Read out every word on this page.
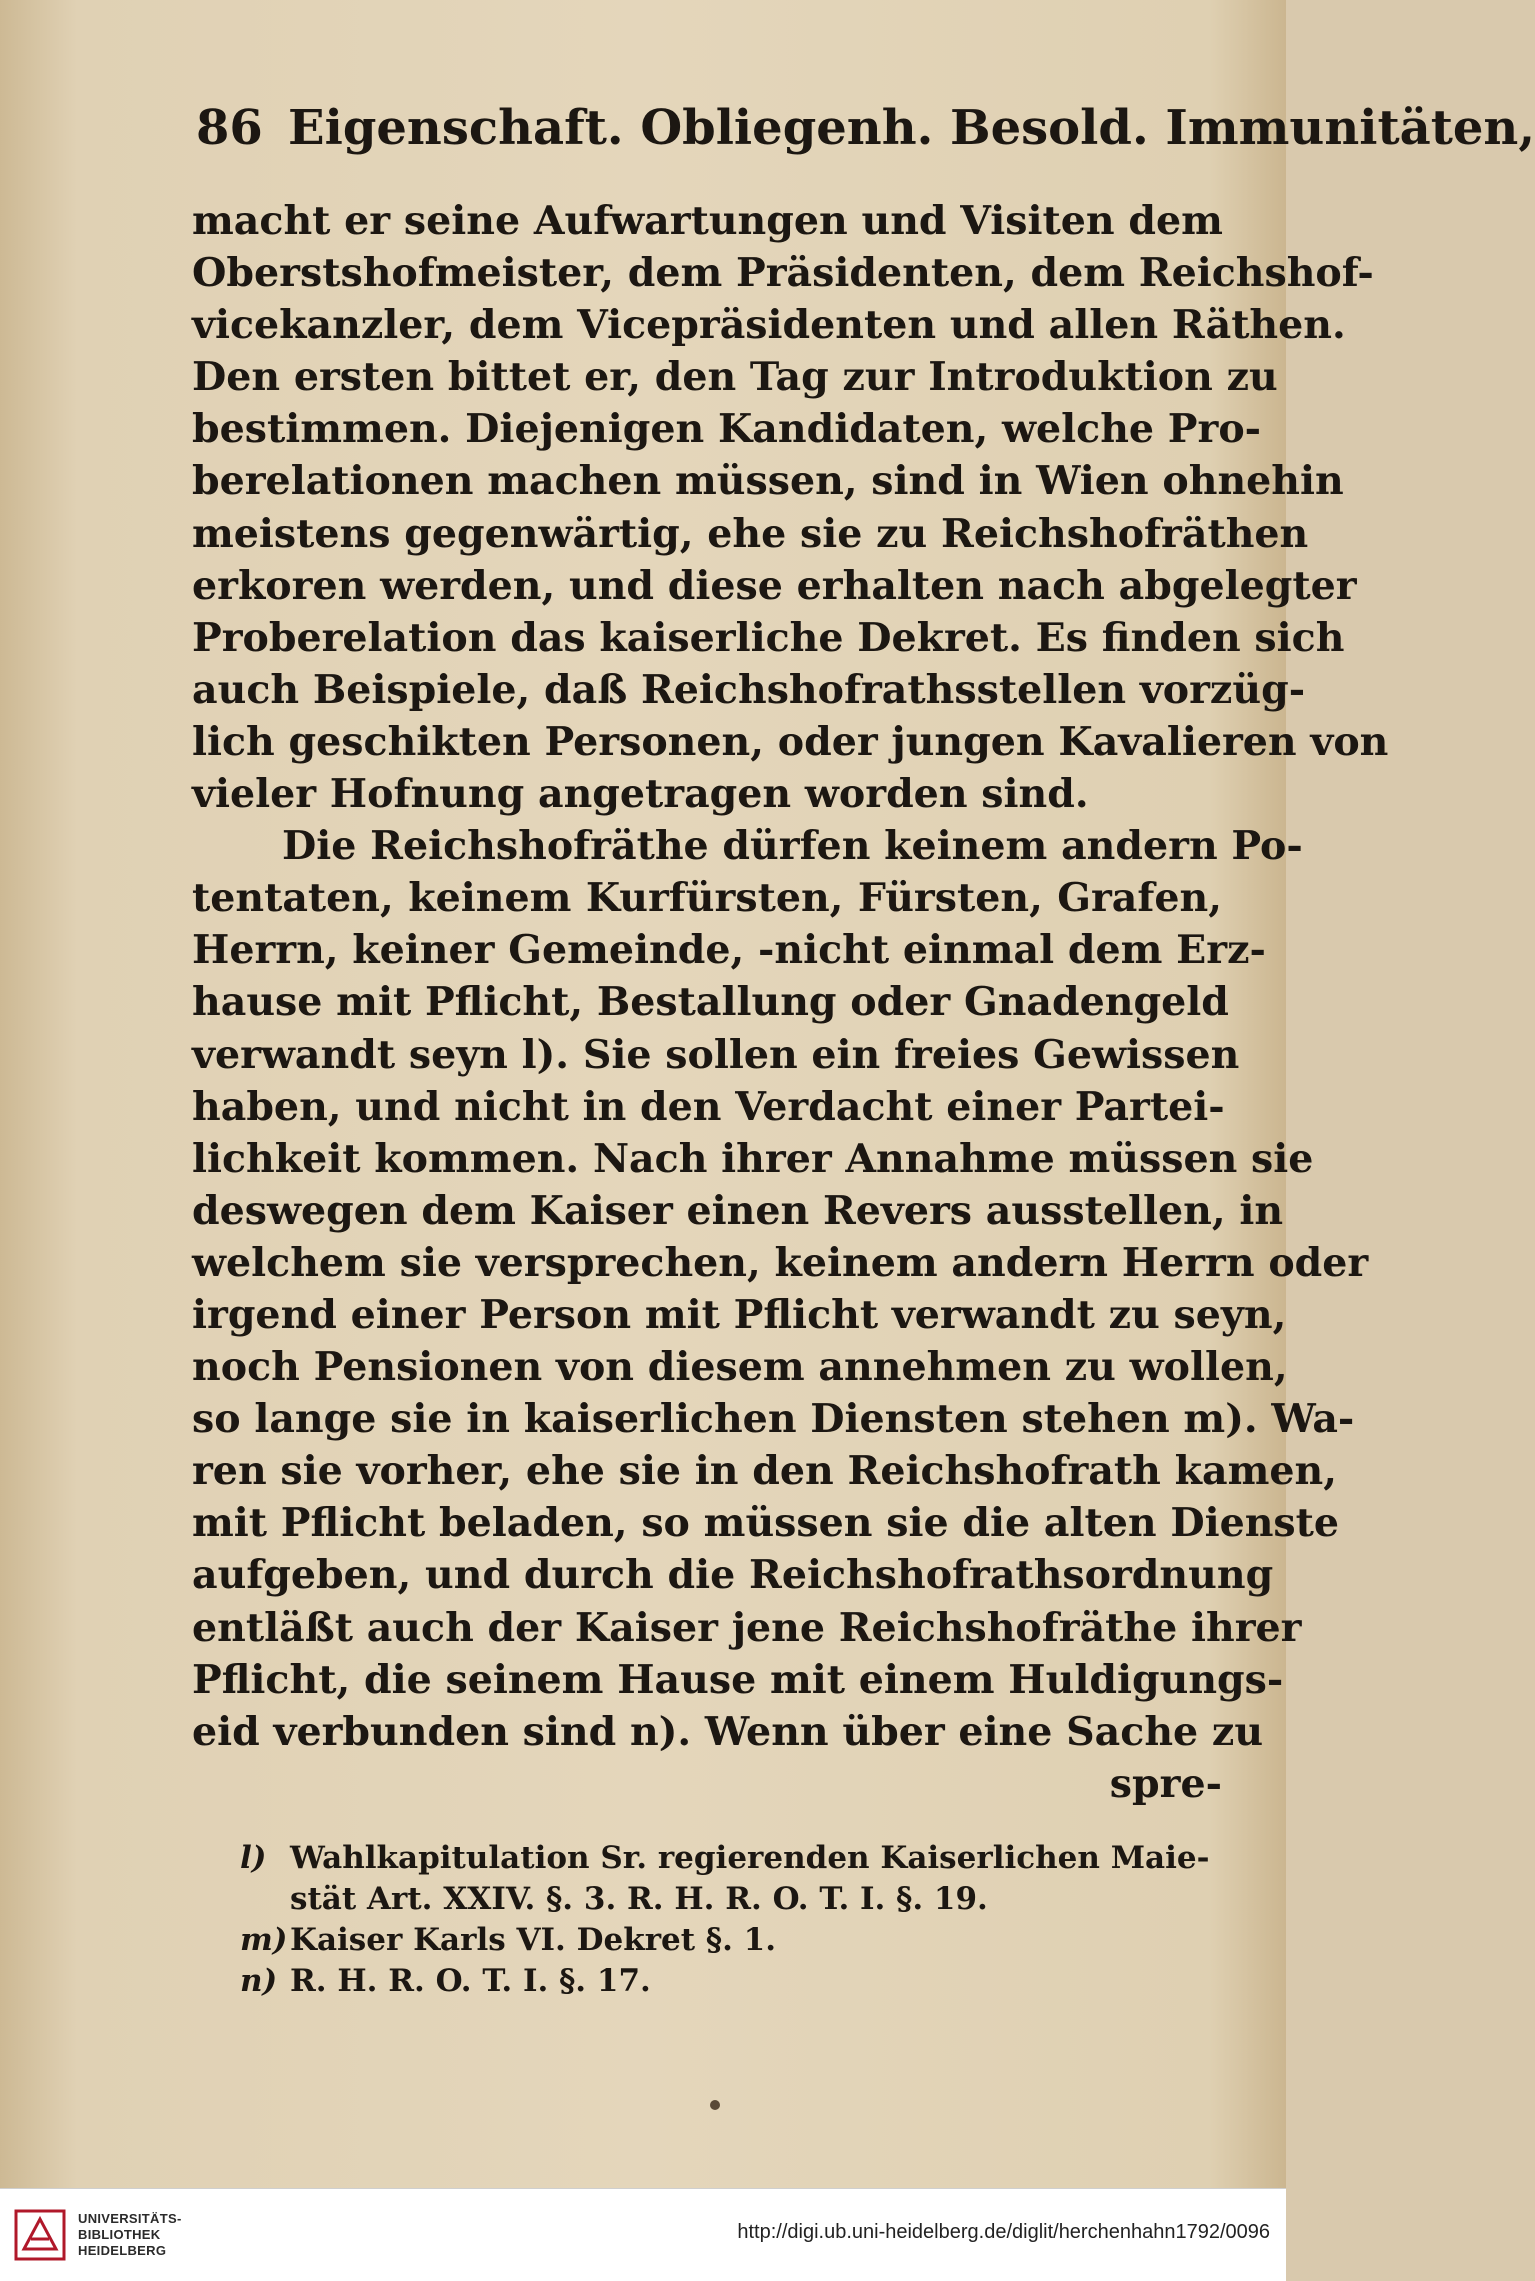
86 Eigenschaft. Obliegenh. Besold. Immunitäten,
macht er seine Aufwartungen und Visiten dem
Oberstshofmeister, dem Präsidenten, dem Reichshof-
vicekanzler, dem Vicepräsidenten und allen Räthen.
Den ersten bittet er, den Tag zur Introduktion zu
bestimmen. Diejenigen Kandidaten, welche Pro-
berelationen machen müssen, sind in Wien ohnehin
meistens gegenwärtig, ehe sie zu Reichshofräthen
erkoren werden, und diese erhalten nach abgelegter
Proberelation das kaiserliche Dekret. Es finden sich
auch Beispiele, daß Reichshofrathsstellen vorzüg-
lich geschikten Personen, oder jungen Kavalieren von
vieler Hofnung angetragen worden sind.
Die Reichshofräthe dürfen keinem andern Po-
tentaten, keinem Kurfürsten, Fürsten, Grafen,
Herrn, keiner Gemeinde, -nicht einmal dem Erz-
hause mit Pflicht, Bestallung oder Gnadengeld
verwandt seyn l). Sie sollen ein freies Gewissen
haben, und nicht in den Verdacht einer Partei-
lichkeit kommen. Nach ihrer Annahme müssen sie
deswegen dem Kaiser einen Revers ausstellen, in
welchem sie versprechen, keinem andern Herrn oder
irgend einer Person mit Pflicht verwandt zu seyn,
noch Pensionen von diesem annehmen zu wollen,
so lange sie in kaiserlichen Diensten stehen m). Wa-
ren sie vorher, ehe sie in den Reichshofrath kamen,
mit Pflicht beladen, so müssen sie die alten Dienste
aufgeben, und durch die Reichshofrathsordnung
entläßt auch der Kaiser jene Reichshofräthe ihrer
Pflicht, die seinem Hause mit einem Huldigungs-
eid verbunden sind n). Wenn über eine Sache zu
spre-
l) Wahlkapitulation Sr. regierenden Kaiserlichen Maie-
stät Art. XXIV. §. 3. R. H. R. O. T. I. §. 19.
m)Kaiser Karls VI. Dekret §. 1.
n) R. H. R. O. T. I. §. 17.
UNIVERSITÄTS-
BIBLIOTHEK
HEIDELBERG
http://digi.ub.uni-heidelberg.de/diglit/herchenhahn1792/0096
